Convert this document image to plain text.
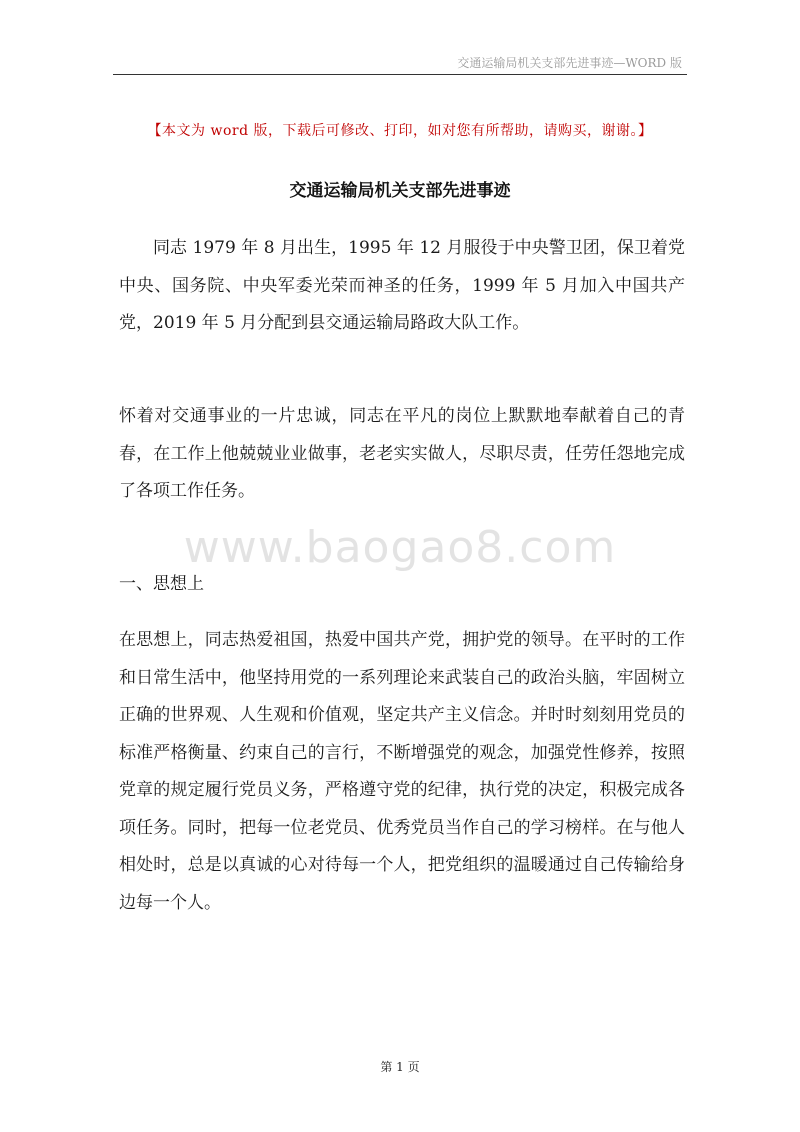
交通运输局机关支部先进事迹—WORD 版
【本文为 word 版，下载后可修改、打印，如对您有所帮助，请购买，谢谢。】
交通运输局机关支部先进事迹
同志 1979 年 8 月出生，1995 年 12 月服役于中央警卫团，保卫着党中央、国务院、中央军委光荣而神圣的任务，1999 年 5 月加入中国共产党，2019 年 5 月分配到县交通运输局路政大队工作。
怀着对交通事业的一片忠诚，同志在平凡的岗位上默默地奉献着自己的青春，在工作上他兢兢业业做事，老老实实做人，尽职尽责，任劳任怨地完成了各项工作任务。
www.baogao8.com
一、思想上
在思想上，同志热爱祖国，热爱中国共产党，拥护党的领导。在平时的工作和日常生活中，他坚持用党的一系列理论来武装自己的政治头脑，牢固树立正确的世界观、人生观和价值观，坚定共产主义信念。并时时刻刻用党员的标准严格衡量、约束自己的言行，不断增强党的观念，加强党性修养，按照党章的规定履行党员义务，严格遵守党的纪律，执行党的决定，积极完成各项任务。同时，把每一位老党员、优秀党员当作自己的学习榜样。在与他人相处时，总是以真诚的心对待每一个人，把党组织的温暖通过自己传输给身边每一个人。
第 1 页
